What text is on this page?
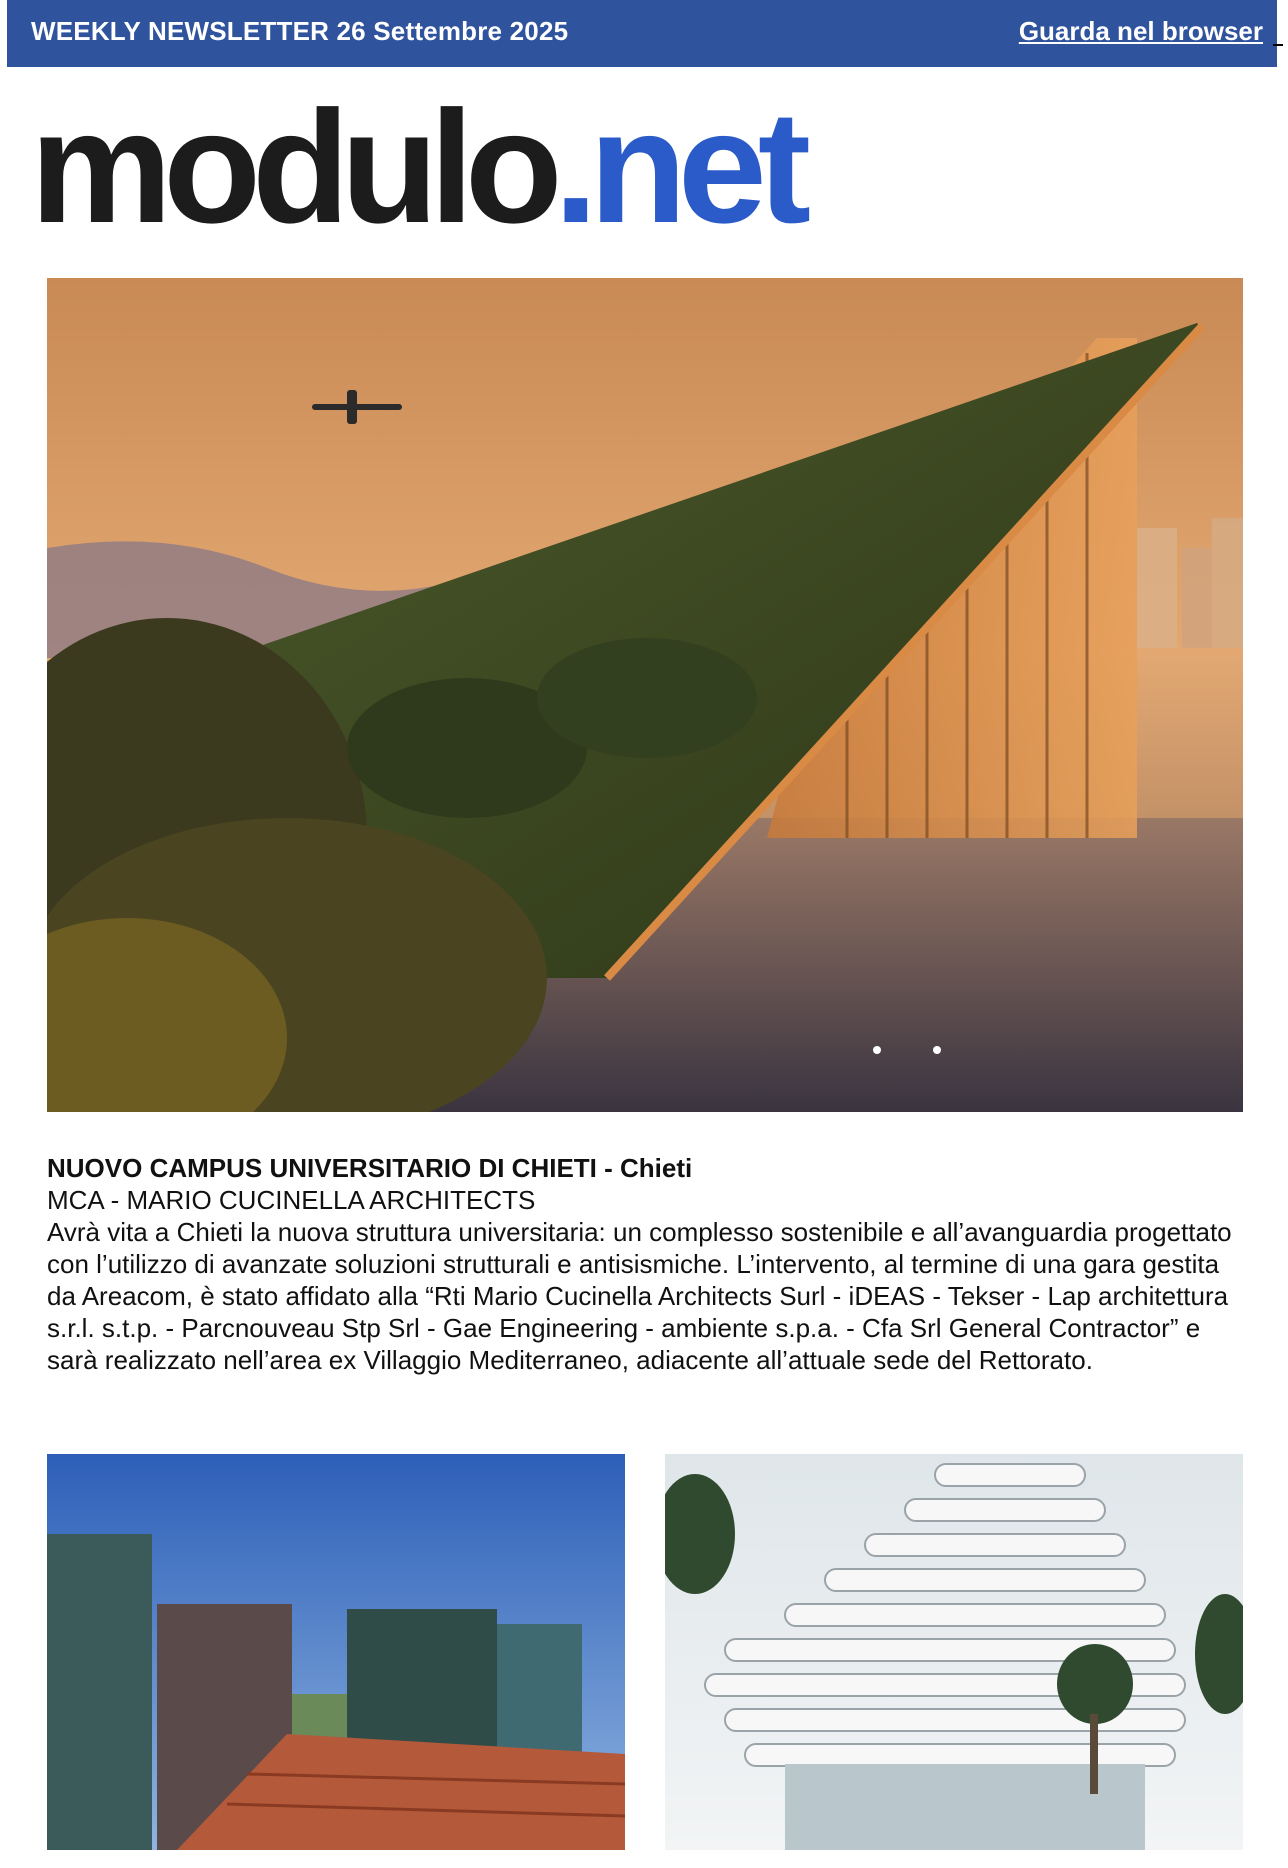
WEEKLY NEWSLETTER 26 Settembre 2025	Guarda nel browser
modulo.net
NUOVO CAMPUS UNIVERSITARIO DI CHIETI - Chieti
MCA - MARIO CUCINELLA ARCHITECTS

Avrà vita a Chieti la nuova struttura universitaria: un complesso sostenibile e all’avanguardia progettato con l’utilizzo di avanzate soluzioni strutturali e antisismiche. L’intervento, al termine di una gara gestita da Areacom, è stato affidato alla “Rti Mario Cucinella Architects Surl - iDEAS - Tekser - Lap architettura s.r.l. s.t.p. - Parcnouveau Stp Srl - Gae Engineering - ambiente s.p.a. - Cfa Srl General Contractor” e sarà realizzato nell’area ex Villaggio Mediterraneo, adiacente all’attuale sede del Rettorato.
